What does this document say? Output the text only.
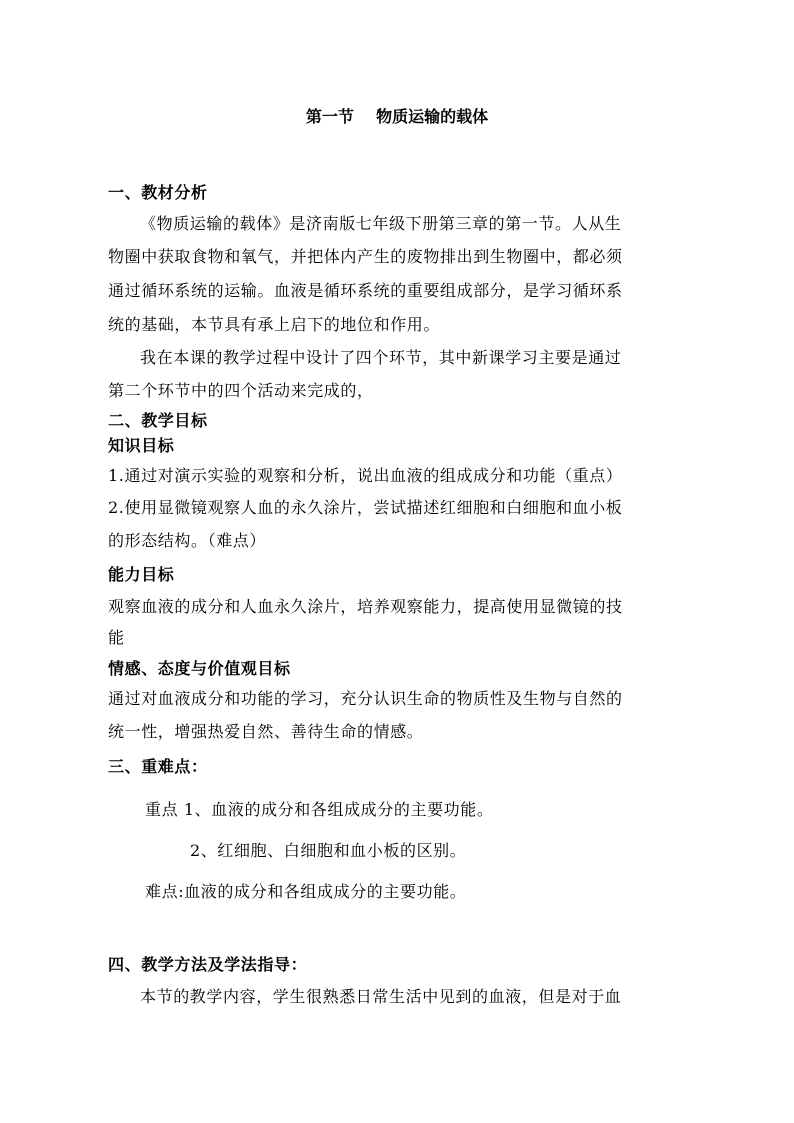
第一节    物质运输的载体
一、教材分析
《物质运输的载体》是济南版七年级下册第三章的第一节。人从生
物圈中获取食物和氧气，并把体内产生的废物排出到生物圈中，都必须
通过循环系统的运输。血液是循环系统的重要组成部分，是学习循环系
统的基础，本节具有承上启下的地位和作用。
我在本课的教学过程中设计了四个环节，其中新课学习主要是通过
第二个环节中的四个活动来完成的，
二、教学目标
知识目标
1.通过对演示实验的观察和分析，说出血液的组成成分和功能（重点）
2.使用显微镜观察人血的永久涂片，尝试描述红细胞和白细胞和血小板
的形态结构。（难点）
能力目标
观察血液的成分和人血永久涂片，培养观察能力，提高使用显微镜的技
能
情感、态度与价值观目标
通过对血液成分和功能的学习，充分认识生命的物质性及生物与自然的
统一性，增强热爱自然、善待生命的情感。
三、重难点：
重点 1、血液的成分和各组成成分的主要功能。
2、红细胞、白细胞和血小板的区别。
难点:血液的成分和各组成成分的主要功能。
四、教学方法及学法指导：
本节的教学内容，学生很熟悉日常生活中见到的血液，但是对于血
